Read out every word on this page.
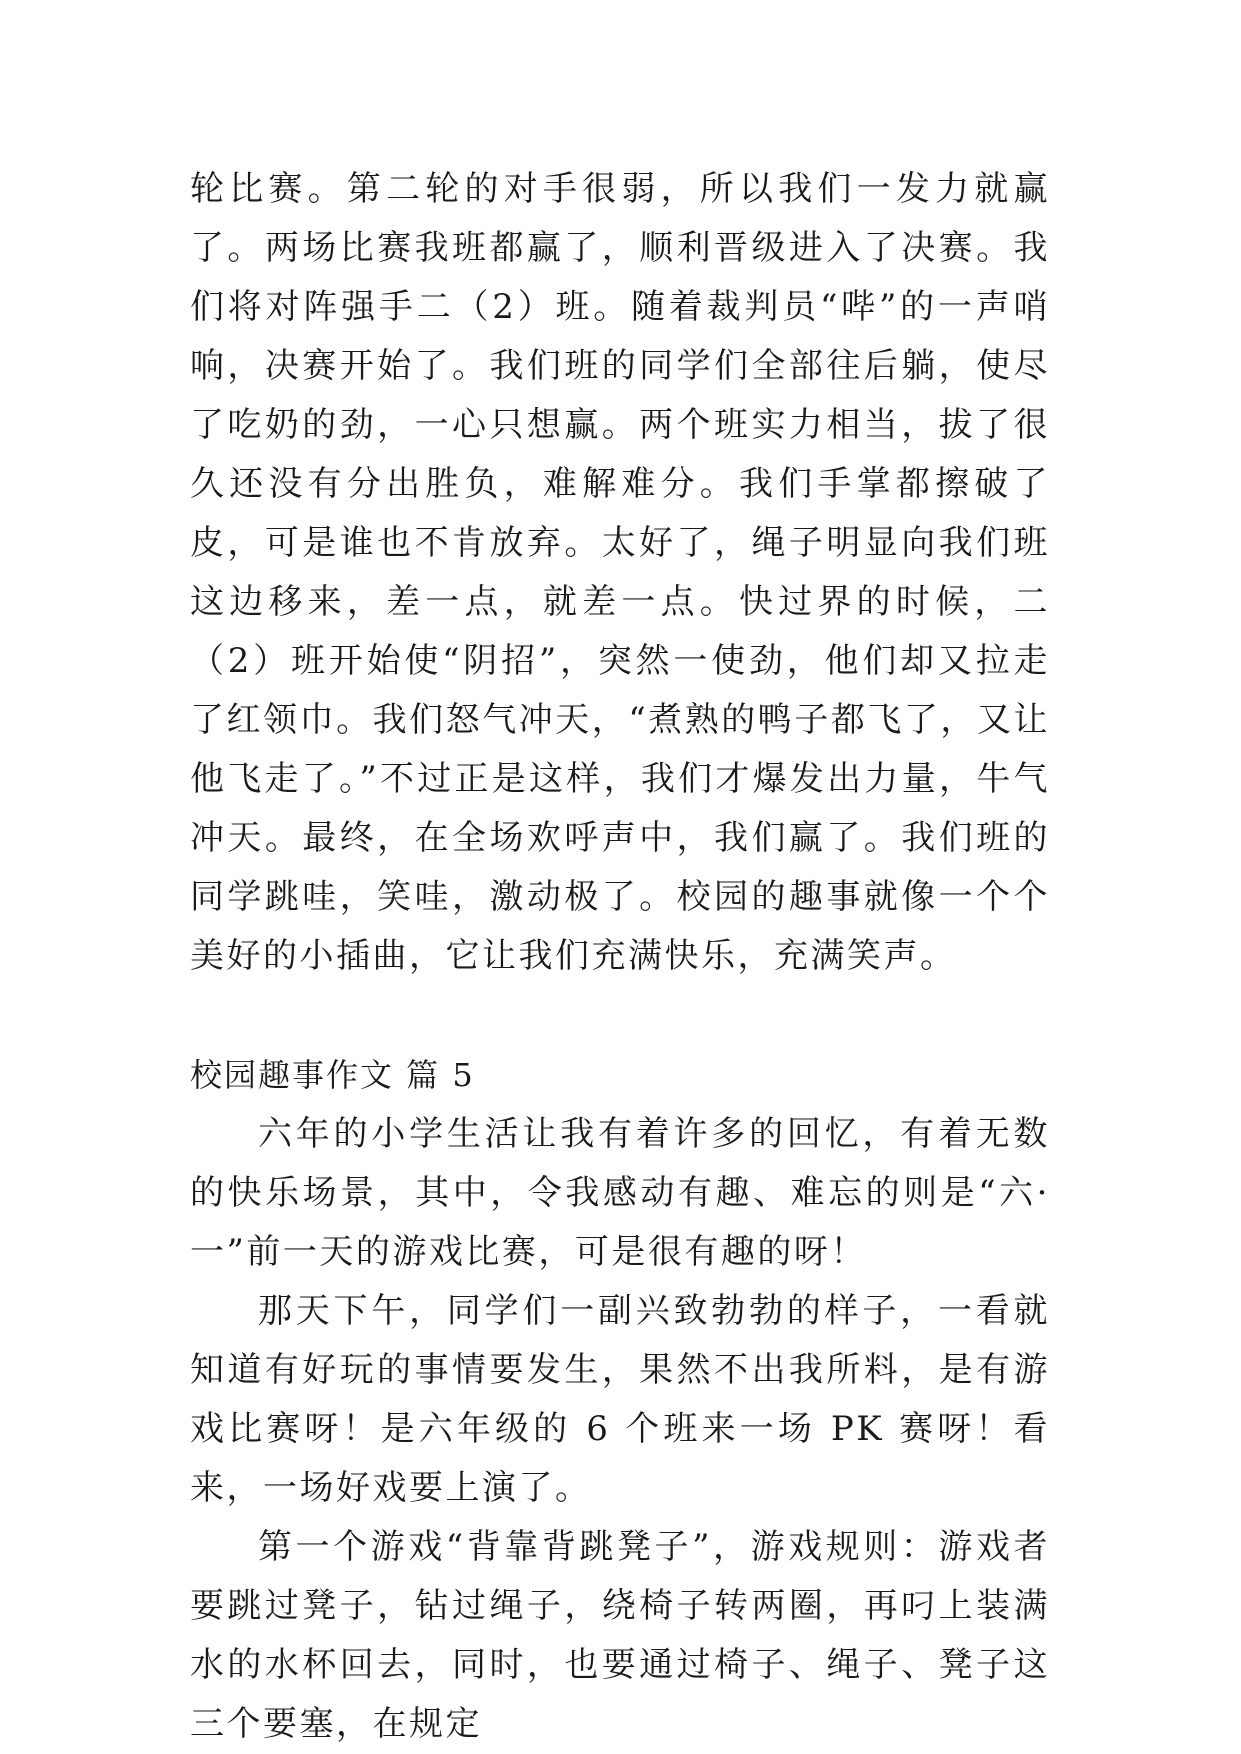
轮比赛。第二轮的对手很弱，所以我们一发力就赢了。两场比赛我班都赢了，顺利晋级进入了决赛。我们将对阵强手二（2）班。随着裁判员“哔”的一声哨响，决赛开始了。我们班的同学们全部往后躺，使尽了吃奶的劲，一心只想赢。两个班实力相当，拔了很久还没有分出胜负，难解难分。我们手掌都擦破了皮，可是谁也不肯放弃。太好了，绳子明显向我们班这边移来，差一点，就差一点。快过界的时候，二（2）班开始使“阴招”，突然一使劲，他们却又拉走了红领巾。我们怒气冲天，“煮熟的鸭子都飞了，又让他飞走了。”不过正是这样，我们才爆发出力量，牛气冲天。最终，在全场欢呼声中，我们赢了。我们班的同学跳哇，笑哇，激动极了。校园的趣事就像一个个美好的小插曲，它让我们充满快乐，充满笑声。

校园趣事作文 篇 5

六年的小学生活让我有着许多的回忆，有着无数的快乐场景，其中，令我感动有趣、难忘的则是“六·一”前一天的游戏比赛，可是很有趣的呀！

那天下午，同学们一副兴致勃勃的样子，一看就知道有好玩的事情要发生，果然不出我所料，是有游戏比赛呀！是六年级的 6 个班来一场 PK 赛呀！看来，一场好戏要上演了。

第一个游戏“背靠背跳凳子”，游戏规则：游戏者要跳过凳子，钻过绳子，绕椅子转两圈，再叼上装满水的水杯回去，同时，也要通过椅子、绳子、凳子这三个要塞，在规定
